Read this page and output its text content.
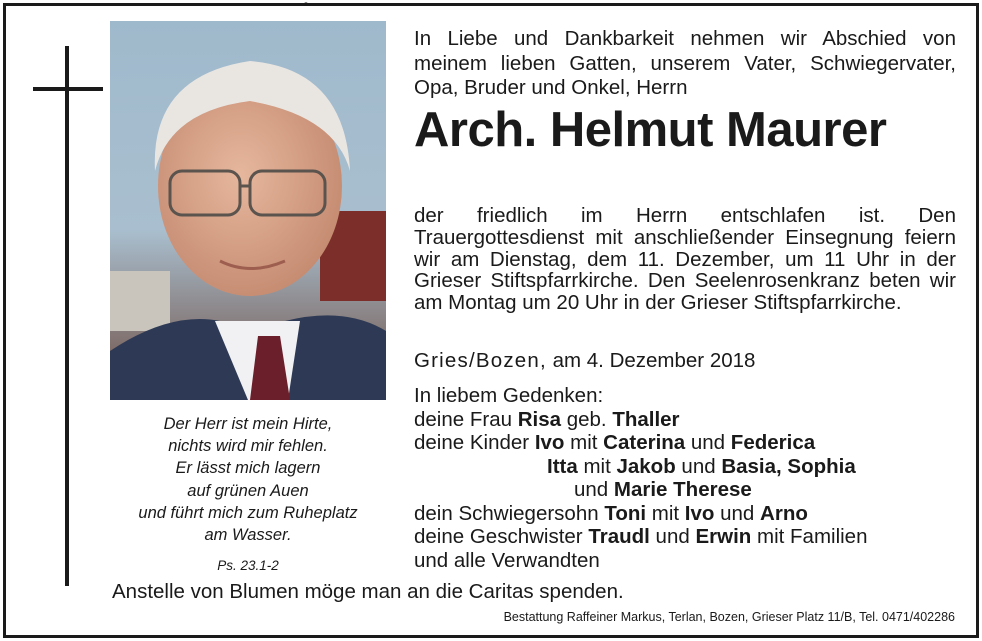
Der Herr ist mein Hirte,
nichts wird mir fehlen.
Er lässt mich lagern
auf grünen Auen
und führt mich zum Ruheplatz
am Wasser.
Ps. 23.1-2
In Liebe und Dankbarkeit nehmen wir Abschied von meinem lieben Gatten, unserem Vater, Schwiegervater, Opa, Bruder und Onkel, Herrn
Arch. Helmut Maurer

der friedlich im Herrn entschlafen ist. Den Trauergottesdienst mit anschließender Einsegnung feiern wir am Dienstag, dem 11. Dezember, um 11 Uhr in der Grieser Stiftspfarrkirche. Den Seelenrosenkranz beten wir am Montag um 20 Uhr in der Grieser Stiftspfarrkirche.
Gries/Bozen, am 4. Dezember 2018
In liebem Gedenken:
deine Frau Risa geb. Thaller
deine Kinder Ivo mit Caterina und Federica
Itta mit Jakob und Basia, Sophia
und Marie Therese
dein Schwiegersohn Toni mit Ivo und Arno
deine Geschwister Traudl und Erwin mit Familien
und alle Verwandten
Anstelle von Blumen möge man an die Caritas spenden.
Bestattung Raffeiner Markus, Terlan, Bozen, Grieser Platz 11/B, Tel. 0471/402286
